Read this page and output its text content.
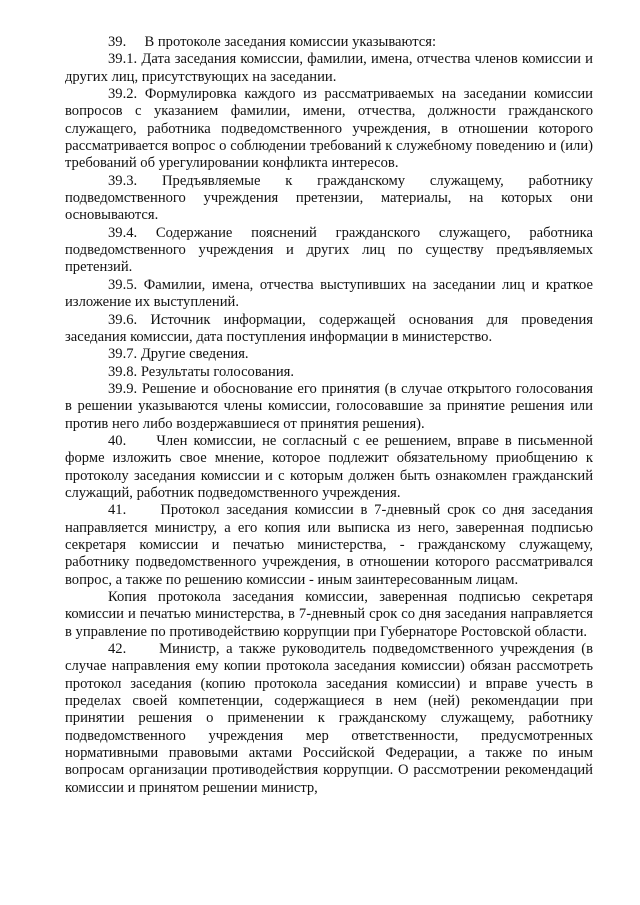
39.     В протоколе заседания комиссии указываются:

39.1. Дата заседания комиссии, фамилии, имена, отчества членов комиссии и других лиц, присутствующих на заседании.

39.2. Формулировка каждого из рассматриваемых на заседании комиссии вопросов с указанием фамилии, имени, отчества, должности гражданского служащего, работника подведомственного учреждения, в отношении которого рассматривается вопрос о соблюдении требований к служебному поведению и (или) требований об урегулировании конфликта интересов.

39.3. Предъявляемые к гражданскому служащему, работнику подведомственного учреждения претензии, материалы, на которых они основываются.

39.4. Содержание пояснений гражданского служащего, работника подведомственного учреждения и других лиц по существу предъявляемых претензий.

39.5. Фамилии, имена, отчества выступивших на заседании лиц и краткое изложение их выступлений.

39.6. Источник информации, содержащей основания для проведения заседания комиссии, дата поступления информации в министерство.

39.7. Другие сведения.

39.8. Результаты голосования.

39.9. Решение и обоснование его принятия (в случае открытого голосования в решении указываются члены комиссии, голосовавшие за принятие решения или против него либо воздержавшиеся от принятия решения).

40.     Член комиссии, не согласный с ее решением, вправе в письменной форме изложить свое мнение, которое подлежит обязательному приобщению к протоколу заседания комиссии и с которым должен быть ознакомлен гражданский служащий, работник подведомственного учреждения.

41.     Протокол заседания комиссии в 7-дневный срок со дня заседания направляется министру, а его копия или выписка из него, заверенная подписью секретаря комиссии и печатью министерства, - гражданскому служащему, работнику подведомственного учреждения, в отношении которого рассматривался вопрос, а также по решению комиссии - иным заинтересованным лицам.

Копия протокола заседания комиссии, заверенная подписью секретаря комиссии и печатью министерства, в 7-дневный срок со дня заседания направляется в управление по противодействию коррупции при Губернаторе Ростовской области.

42.     Министр, а также руководитель подведомственного учреждения (в случае направления ему копии протокола заседания комиссии) обязан рассмотреть протокол заседания (копию протокола заседания комиссии) и вправе учесть в пределах своей компетенции, содержащиеся в нем (ней) рекомендации при принятии решения о применении к гражданскому служащему, работнику подведомственного учреждения мер ответственности, предусмотренных нормативными правовыми актами Российской Федерации, а также по иным вопросам организации противодействия коррупции. О рассмотрении рекомендаций комиссии и принятом решении министр,
